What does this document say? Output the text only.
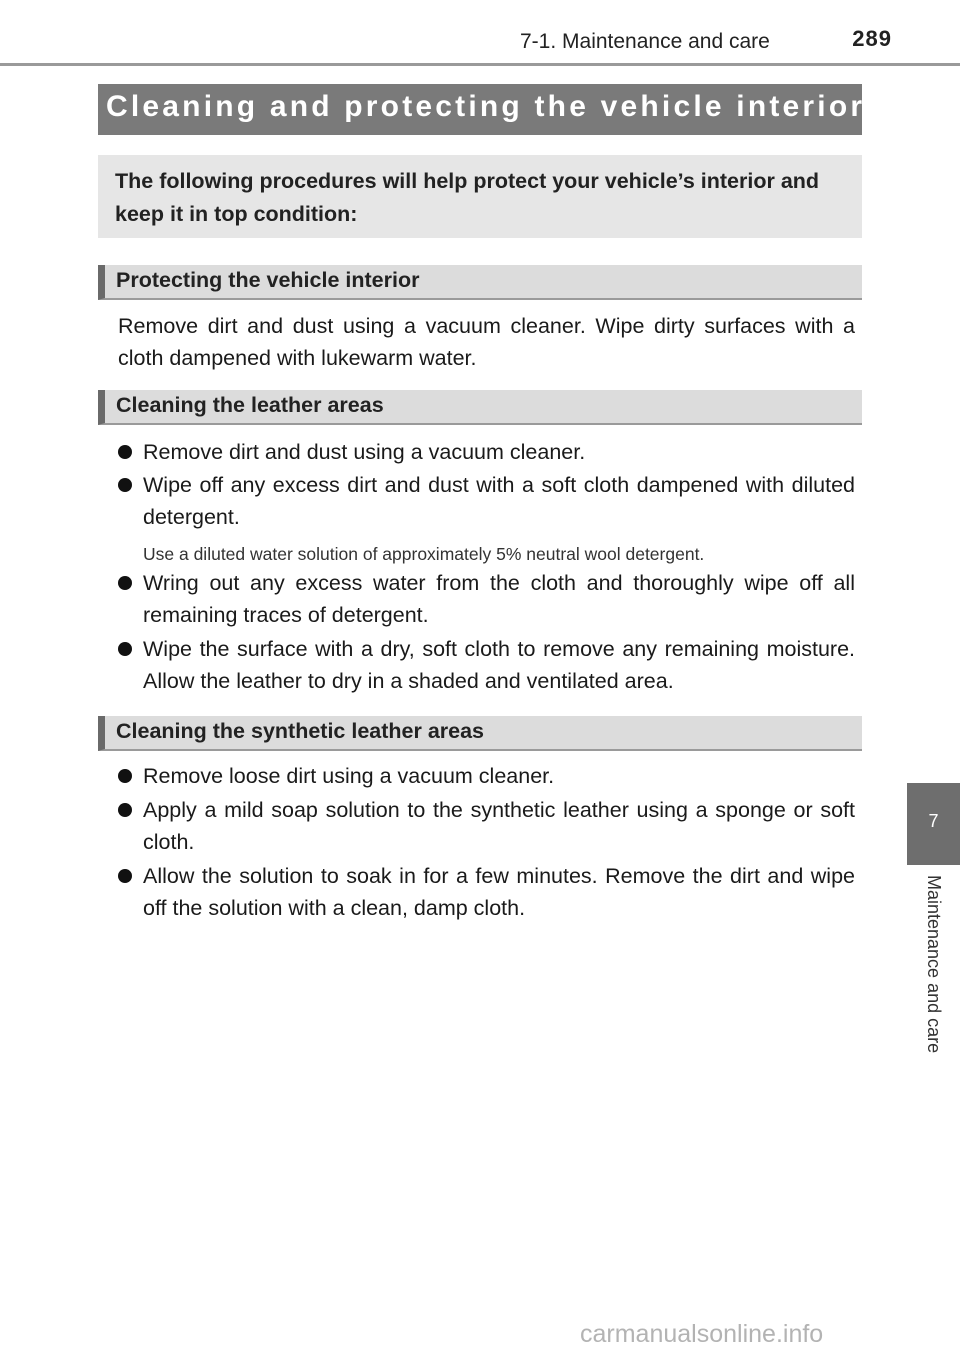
7-1. Maintenance and care	289
Cleaning and protecting the vehicle interior

The following procedures will help protect your vehicle’s interior and keep it in top condition:

Protecting the vehicle interior

Remove dirt and dust using a vacuum cleaner. Wipe dirty surfaces with a cloth dampened with lukewarm water.

Cleaning the leather areas
Remove dirt and dust using a vacuum cleaner.
Wipe off any excess dirt and dust with a soft cloth dampened with diluted detergent.
Use a diluted water solution of approximately 5% neutral wool detergent.
Wring out any excess water from the cloth and thoroughly wipe off all remaining traces of detergent.
Wipe the surface with a dry, soft cloth to remove any remaining moisture. Allow the leather to dry in a shaded and ventilated area.
Cleaning the synthetic leather areas
Remove loose dirt using a vacuum cleaner.
Apply a mild soap solution to the synthetic leather using a sponge or soft cloth.
Allow the solution to soak in for a few minutes. Remove the dirt and wipe off the solution with a clean, damp cloth.
7
Maintenance and care
carmanualsonline.info
